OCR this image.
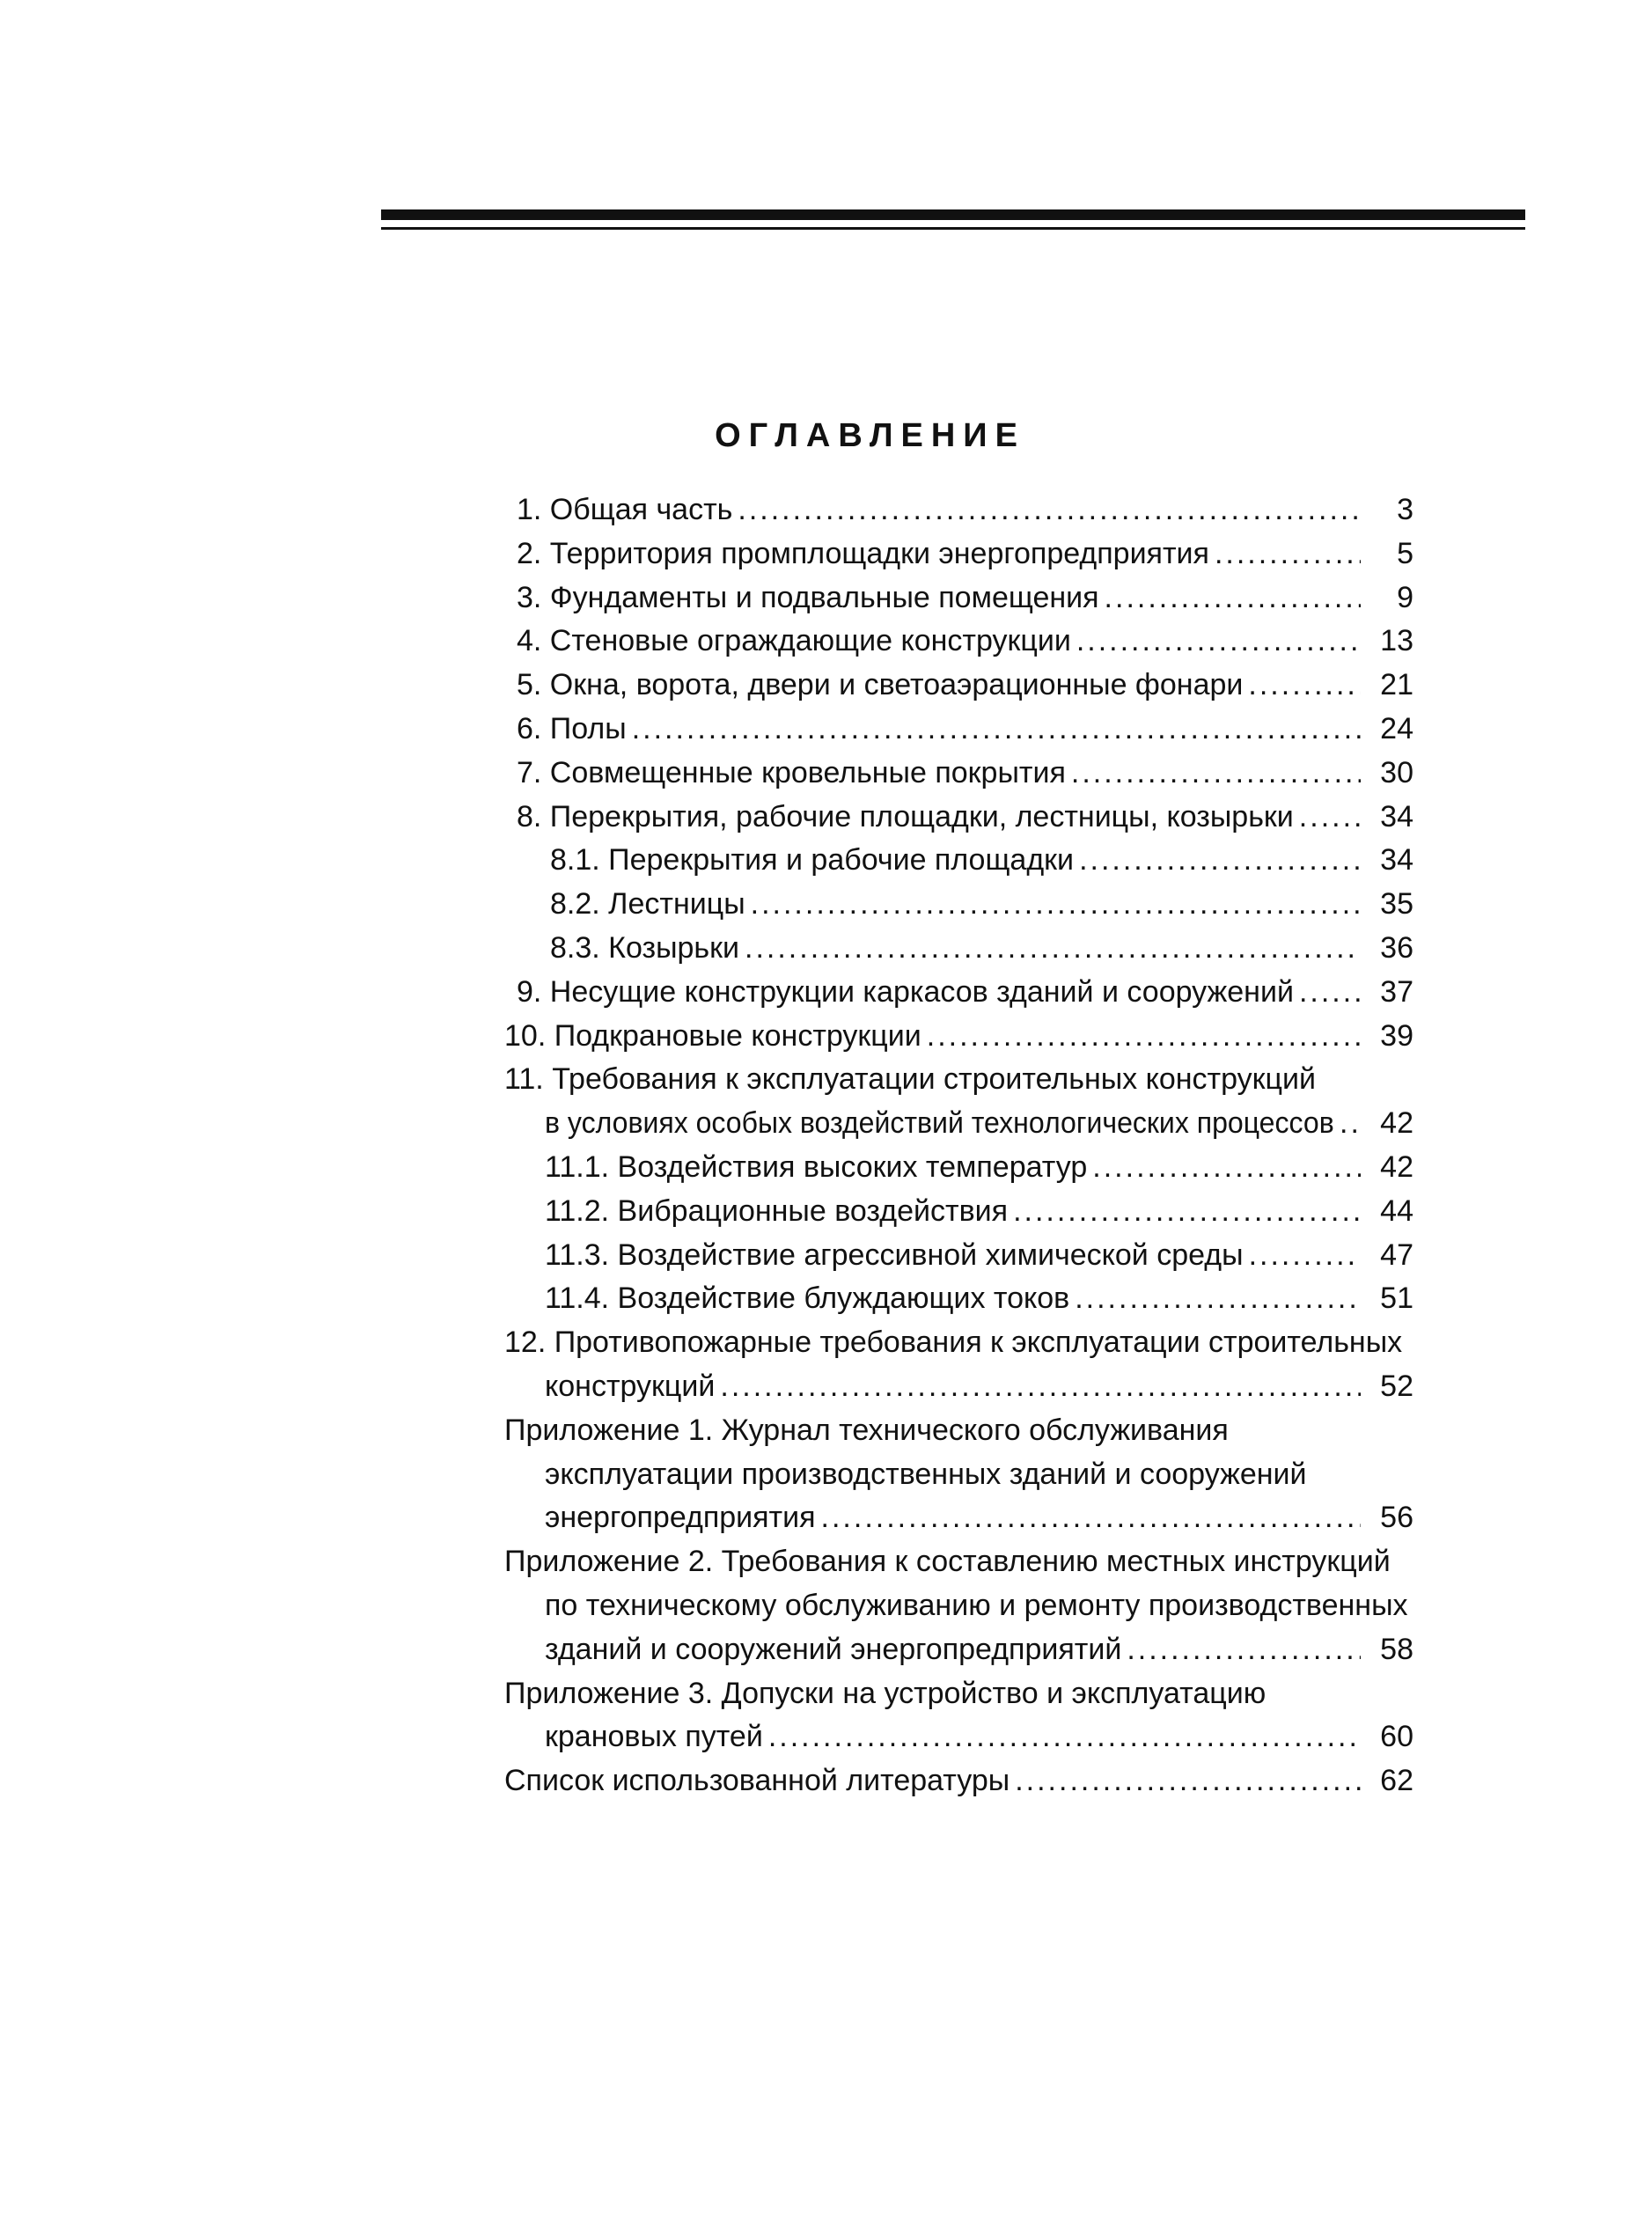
ОГЛАВЛЕНИЕ
1. Общая часть .....	3
2. Территория промплощадки энергопредприятия .....	5
3. Фундаменты и подвальные помещения .....	9
4. Стеновые ограждающие конструкции .....	13
5. Окна, ворота, двери и светоаэрационные фонари .....	21
6. Полы .....	24
7. Совмещенные кровельные покрытия .....	30
8. Перекрытия, рабочие площадки, лестницы, козырьки .....	34
8.1. Перекрытия и рабочие площадки .....	34
8.2. Лестницы .....	35
8.3. Козырьки .....	36
9. Несущие конструкции каркасов зданий и сооружений .....	37
10. Подкрановые конструкции .....	39
11. Требования к эксплуатации строительных конструкций
в условиях особых воздействий технологических процессов .....	42
11.1. Воздействия высоких температур .....	42
11.2. Вибрационные воздействия .....	44
11.3. Воздействие агрессивной химической среды .....	47
11.4. Воздействие блуждающих токов .....	51
12. Противопожарные требования к эксплуатации строительных
конструкций .....	52
Приложение 1. Журнал технического обслуживания
эксплуатации производственных зданий и сооружений
энергопредприятия .....	56
Приложение 2. Требования к составлению местных инструкций
по техническому обслуживанию и ремонту производственных
зданий и сооружений энергопредприятий .....	58
Приложение 3. Допуски на устройство и эксплуатацию
крановых путей .....	60
Список использованной литературы .....	62
